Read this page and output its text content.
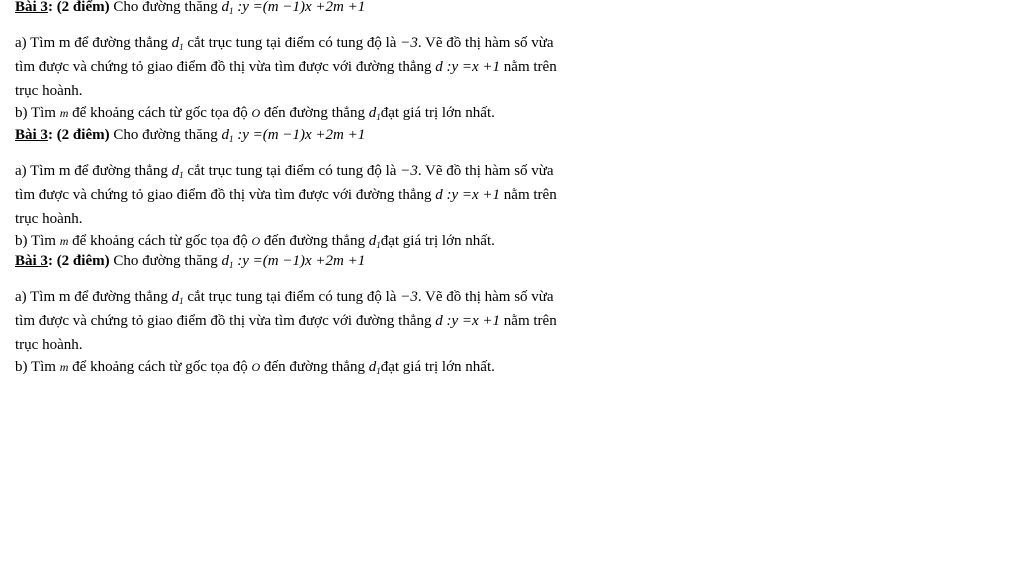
Bài 3: (2 điểm) Cho đường thăng $d_1$ :y =(m −1)x +2m +1
a) Tìm m để đường thẳng $d_1$ cắt trục tung tại điểm có tung độ là −3. Vẽ đồ thị hàm số vừa
tìm được và chứng tỏ giao điểm đồ thị vừa tìm được với đường thẳng d :y =x +1 nằm trên
trục hoành.
b) Tìm m để khoảng cách từ gốc tọa độ O đến đường thẳng $d_1đạt$ giá trị lớn nhất.
Bài 3: (2 điêm) Cho đường thăng $d_1$ :y =(m −1)x +2m +1
a) Tìm m để đường thẳng $d_1$ cắt trục tung tại điểm có tung độ là −3. Vẽ đồ thị hàm số vừa
tìm được và chứng tỏ giao điểm đồ thị vừa tìm được với đường thẳng d :y =x +1 nằm trên
trục hoành.
b) Tìm m để khoảng cách từ gốc tọa độ O đến đường thẳng $d_1đạt$ giá trị lớn nhất.
Bài 3: (2 điêm) Cho đường thăng $d_1$ :y =(m −1)x +2m +1
a) Tìm m để đường thẳng $d_1$ cắt trục tung tại điểm có tung độ là −3. Vẽ đồ thị hàm số vừa
tìm được và chứng tỏ giao điểm đồ thị vừa tìm được với đường thẳng d :y =x +1 nằm trên
trục hoành.
b) Tìm m để khoảng cách từ gốc tọa độ O đến đường thẳng $d_1đạt$ giá trị lớn nhất.
